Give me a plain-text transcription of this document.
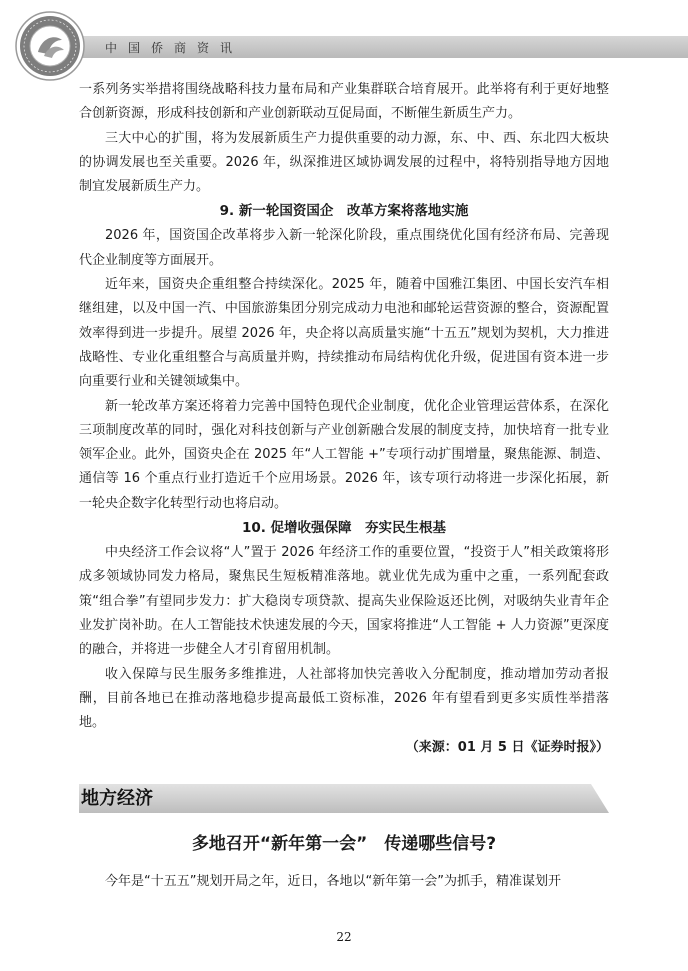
中国侨商资讯

一系列务实举措将围绕战略科技力量布局和产业集群联合培育展开。此举将有利于更好地整合创新资源，形成科技创新和产业创新联动互促局面，不断催生新质生产力。

三大中心的扩围，将为发展新质生产力提供重要的动力源，东、中、西、东北四大板块的协调发展也至关重要。2026 年，纵深推进区域协调发展的过程中，将特别指导地方因地制宜发展新质生产力。

9. 新一轮国资国企　改革方案将落地实施

2026 年，国资国企改革将步入新一轮深化阶段，重点围绕优化国有经济布局、完善现代企业制度等方面展开。

近年来，国资央企重组整合持续深化。2025 年，随着中国雅江集团、中国长安汽车相继组建，以及中国一汽、中国旅游集团分别完成动力电池和邮轮运营资源的整合，资源配置效率得到进一步提升。展望 2026 年，央企将以高质量实施“十五五”规划为契机，大力推进战略性、专业化重组整合与高质量并购，持续推动布局结构优化升级，促进国有资本进一步向重要行业和关键领域集中。

新一轮改革方案还将着力完善中国特色现代企业制度，优化企业管理运营体系，在深化三项制度改革的同时，强化对科技创新与产业创新融合发展的制度支持，加快培育一批专业领军企业。此外，国资央企在 2025 年“人工智能 +”专项行动扩围增量，聚焦能源、制造、通信等 16 个重点行业打造近千个应用场景。2026 年，该专项行动将进一步深化拓展，新一轮央企数字化转型行动也将启动。

10. 促增收强保障　夯实民生根基

中央经济工作会议将“人”置于 2026 年经济工作的重要位置，“投资于人”相关政策将形成多领域协同发力格局，聚焦民生短板精准落地。就业优先成为重中之重，一系列配套政策“组合拳”有望同步发力：扩大稳岗专项贷款、提高失业保险返还比例，对吸纳失业青年企业发扩岗补助。在人工智能技术快速发展的今天，国家将推进“人工智能 + 人力资源”更深度的融合，并将进一步健全人才引育留用机制。

收入保障与民生服务多维推进，人社部将加快完善收入分配制度，推动增加劳动者报酬，目前各地已在推动落地稳步提高最低工资标准，2026 年有望看到更多实质性举措落地。

（来源：01 月 5 日《证券时报》）

地方经济
多地召开“新年第一会”　传递哪些信号?

今年是“十五五”规划开局之年，近日，各地以“新年第一会”为抓手，精准谋划开

22
